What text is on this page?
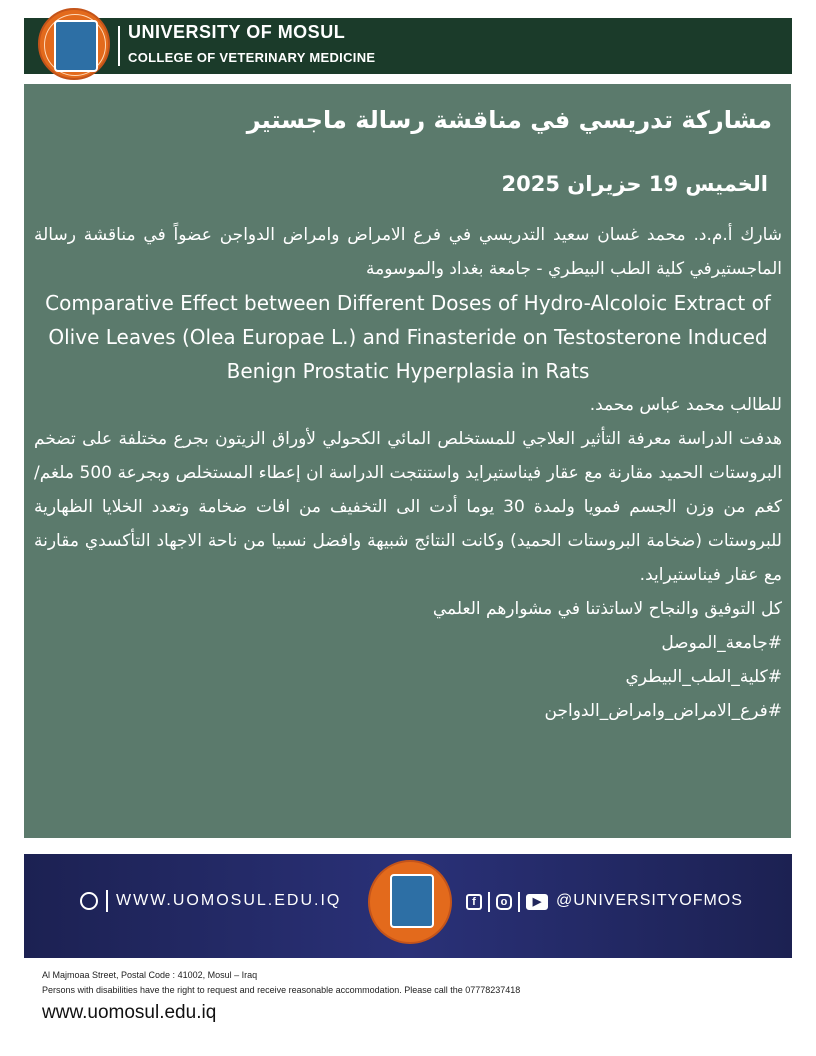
UNIVERSITY OF MOSUL
COLLEGE OF VETERINARY MEDICINE
مشاركة تدريسي في مناقشة رسالة ماجستير
الخميس 19 حزيران 2025

شارك أ.م.د. محمد غسان سعيد التدريسي في فرع الامراض وامراض الدواجن عضواً في مناقشة رسالة الماجستيرفي كلية الطب البيطري - جامعة بغداد والموسومة

Comparative Effect between Different Doses of Hydro-Alcoloic Extract of Olive Leaves (Olea Europae L.) and Finasteride on Testosterone Induced Benign Prostatic Hyperplasia in Rats

للطالب محمد عباس محمد.

هدفت الدراسة معرفة التأثير العلاجي للمستخلص المائي الكحولي لأوراق الزيتون بجرع مختلفة على تضخم البروستات الحميد مقارنة مع عقار فيناستيرايد واستنتجت الدراسة ان إعطاء المستخلص وبجرعة 500 ملغم/كغم من وزن الجسم فمويا ولمدة 30 يوما أدت الى التخفيف من افات ضخامة وتعدد الخلايا الظهارية للبروستات (ضخامة البروستات الحميد) وكانت النتائج شبيهة وافضل نسبيا من ناحة الاجهاد التأكسدي مقارنة مع عقار فيناستيرايد.

كل التوفيق والنجاح لاساتذتنا في مشوارهم العلمي

#جامعة_الموصل

#كلية_الطب_البيطري

#فرع_الامراض_وامراض_الدواجن

WWW.UOMOSUL.EDU.IQ	f	o	▶ @UNIVERSITYOFMOS
Al Majmoaa Street, Postal Code : 41002, Mosul – Iraq
Persons with disabilities have the right to request and receive reasonable accommodation. Please call the 07778237418
www.uomosul.edu.iq
